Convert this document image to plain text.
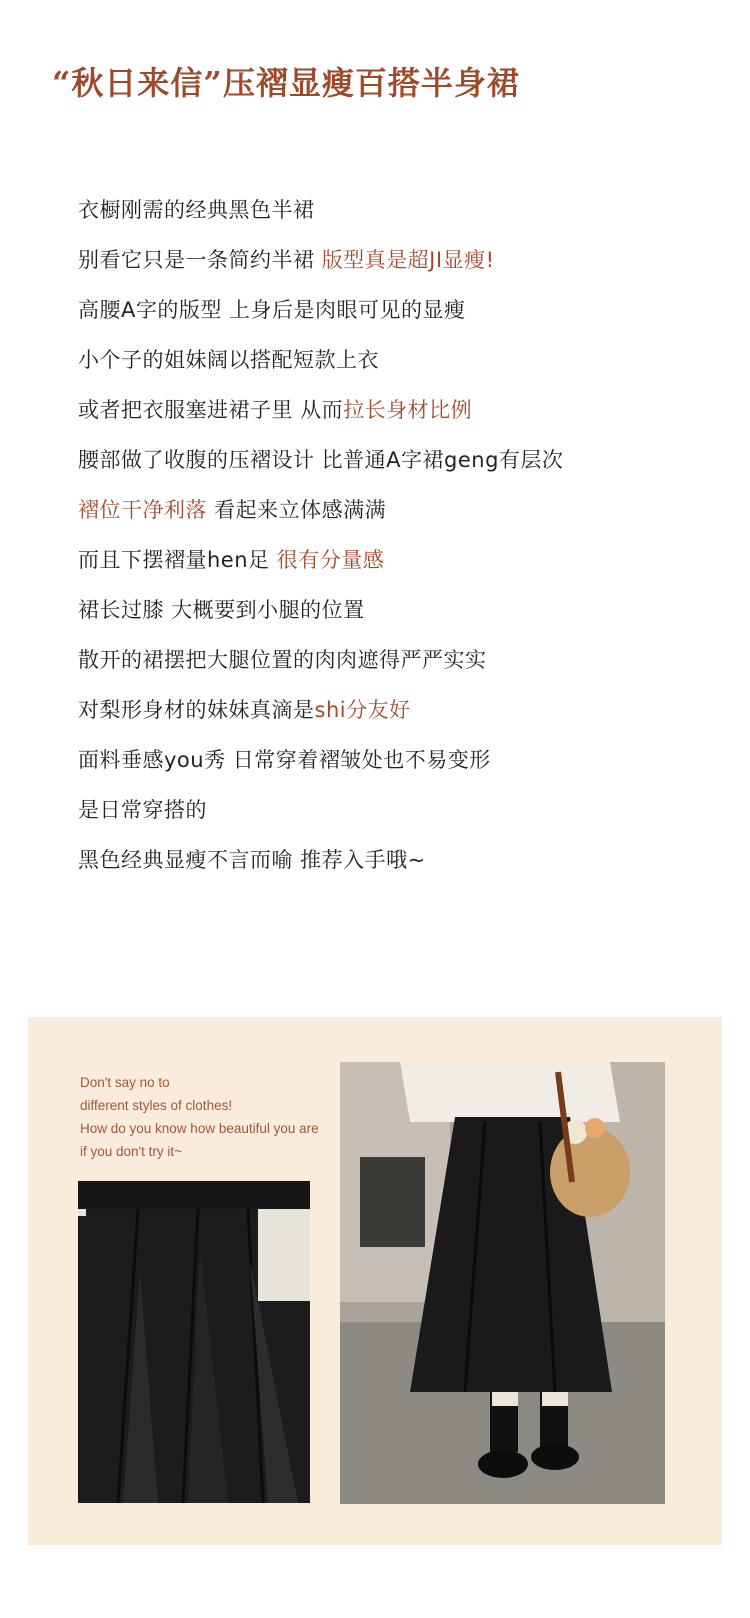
“秋日来信”压褶显瘦百搭半身裙
衣橱刚需的经典黑色半裙
别看它只是一条简约半裙 版型真是超JI显瘦!
高腰A字的版型 上身后是肉眼可见的显瘦
小个子的姐妹阔以搭配短款上衣
或者把衣服塞进裙子里 从而拉长身材比例
腰部做了收腹的压褶设计 比普通A字裙geng有层次
褶位干净利落 看起来立体感满满
而且下摆褶量hen足 很有分量感
裙长过膝 大概要到小腿的位置
散开的裙摆把大腿位置的肉肉遮得严严实实
对梨形身材的妹妹真滴是shi分友好
面料垂感you秀 日常穿着褶皱处也不易变形
是日常穿搭的
黑色经典显瘦不言而喻 推荐入手哦~
Don't say no to
different styles of clothes!
How do you know how beautiful you are
if you don't try it~
